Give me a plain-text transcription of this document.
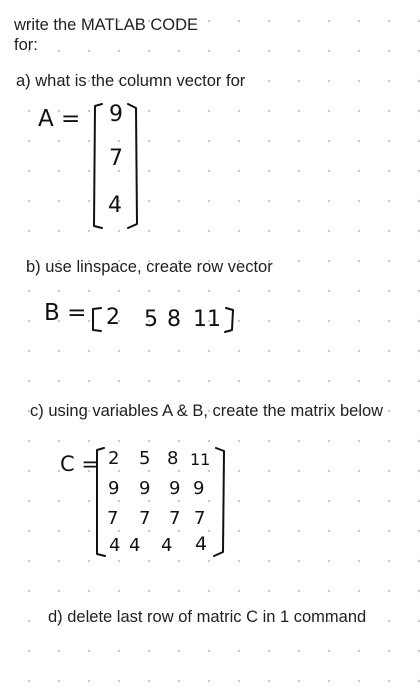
write the MATLAB CODE
for:
a) what is the column vector for
A = 9
7
4
b) use linspace, create row vector
B = 2 5 8 11
c) using variables A & B, create the matrix below
C = 2 5 8 11
9 9 9 9
7 7 7 7
4 4 4 4
d) delete last row of matric C in 1 command
